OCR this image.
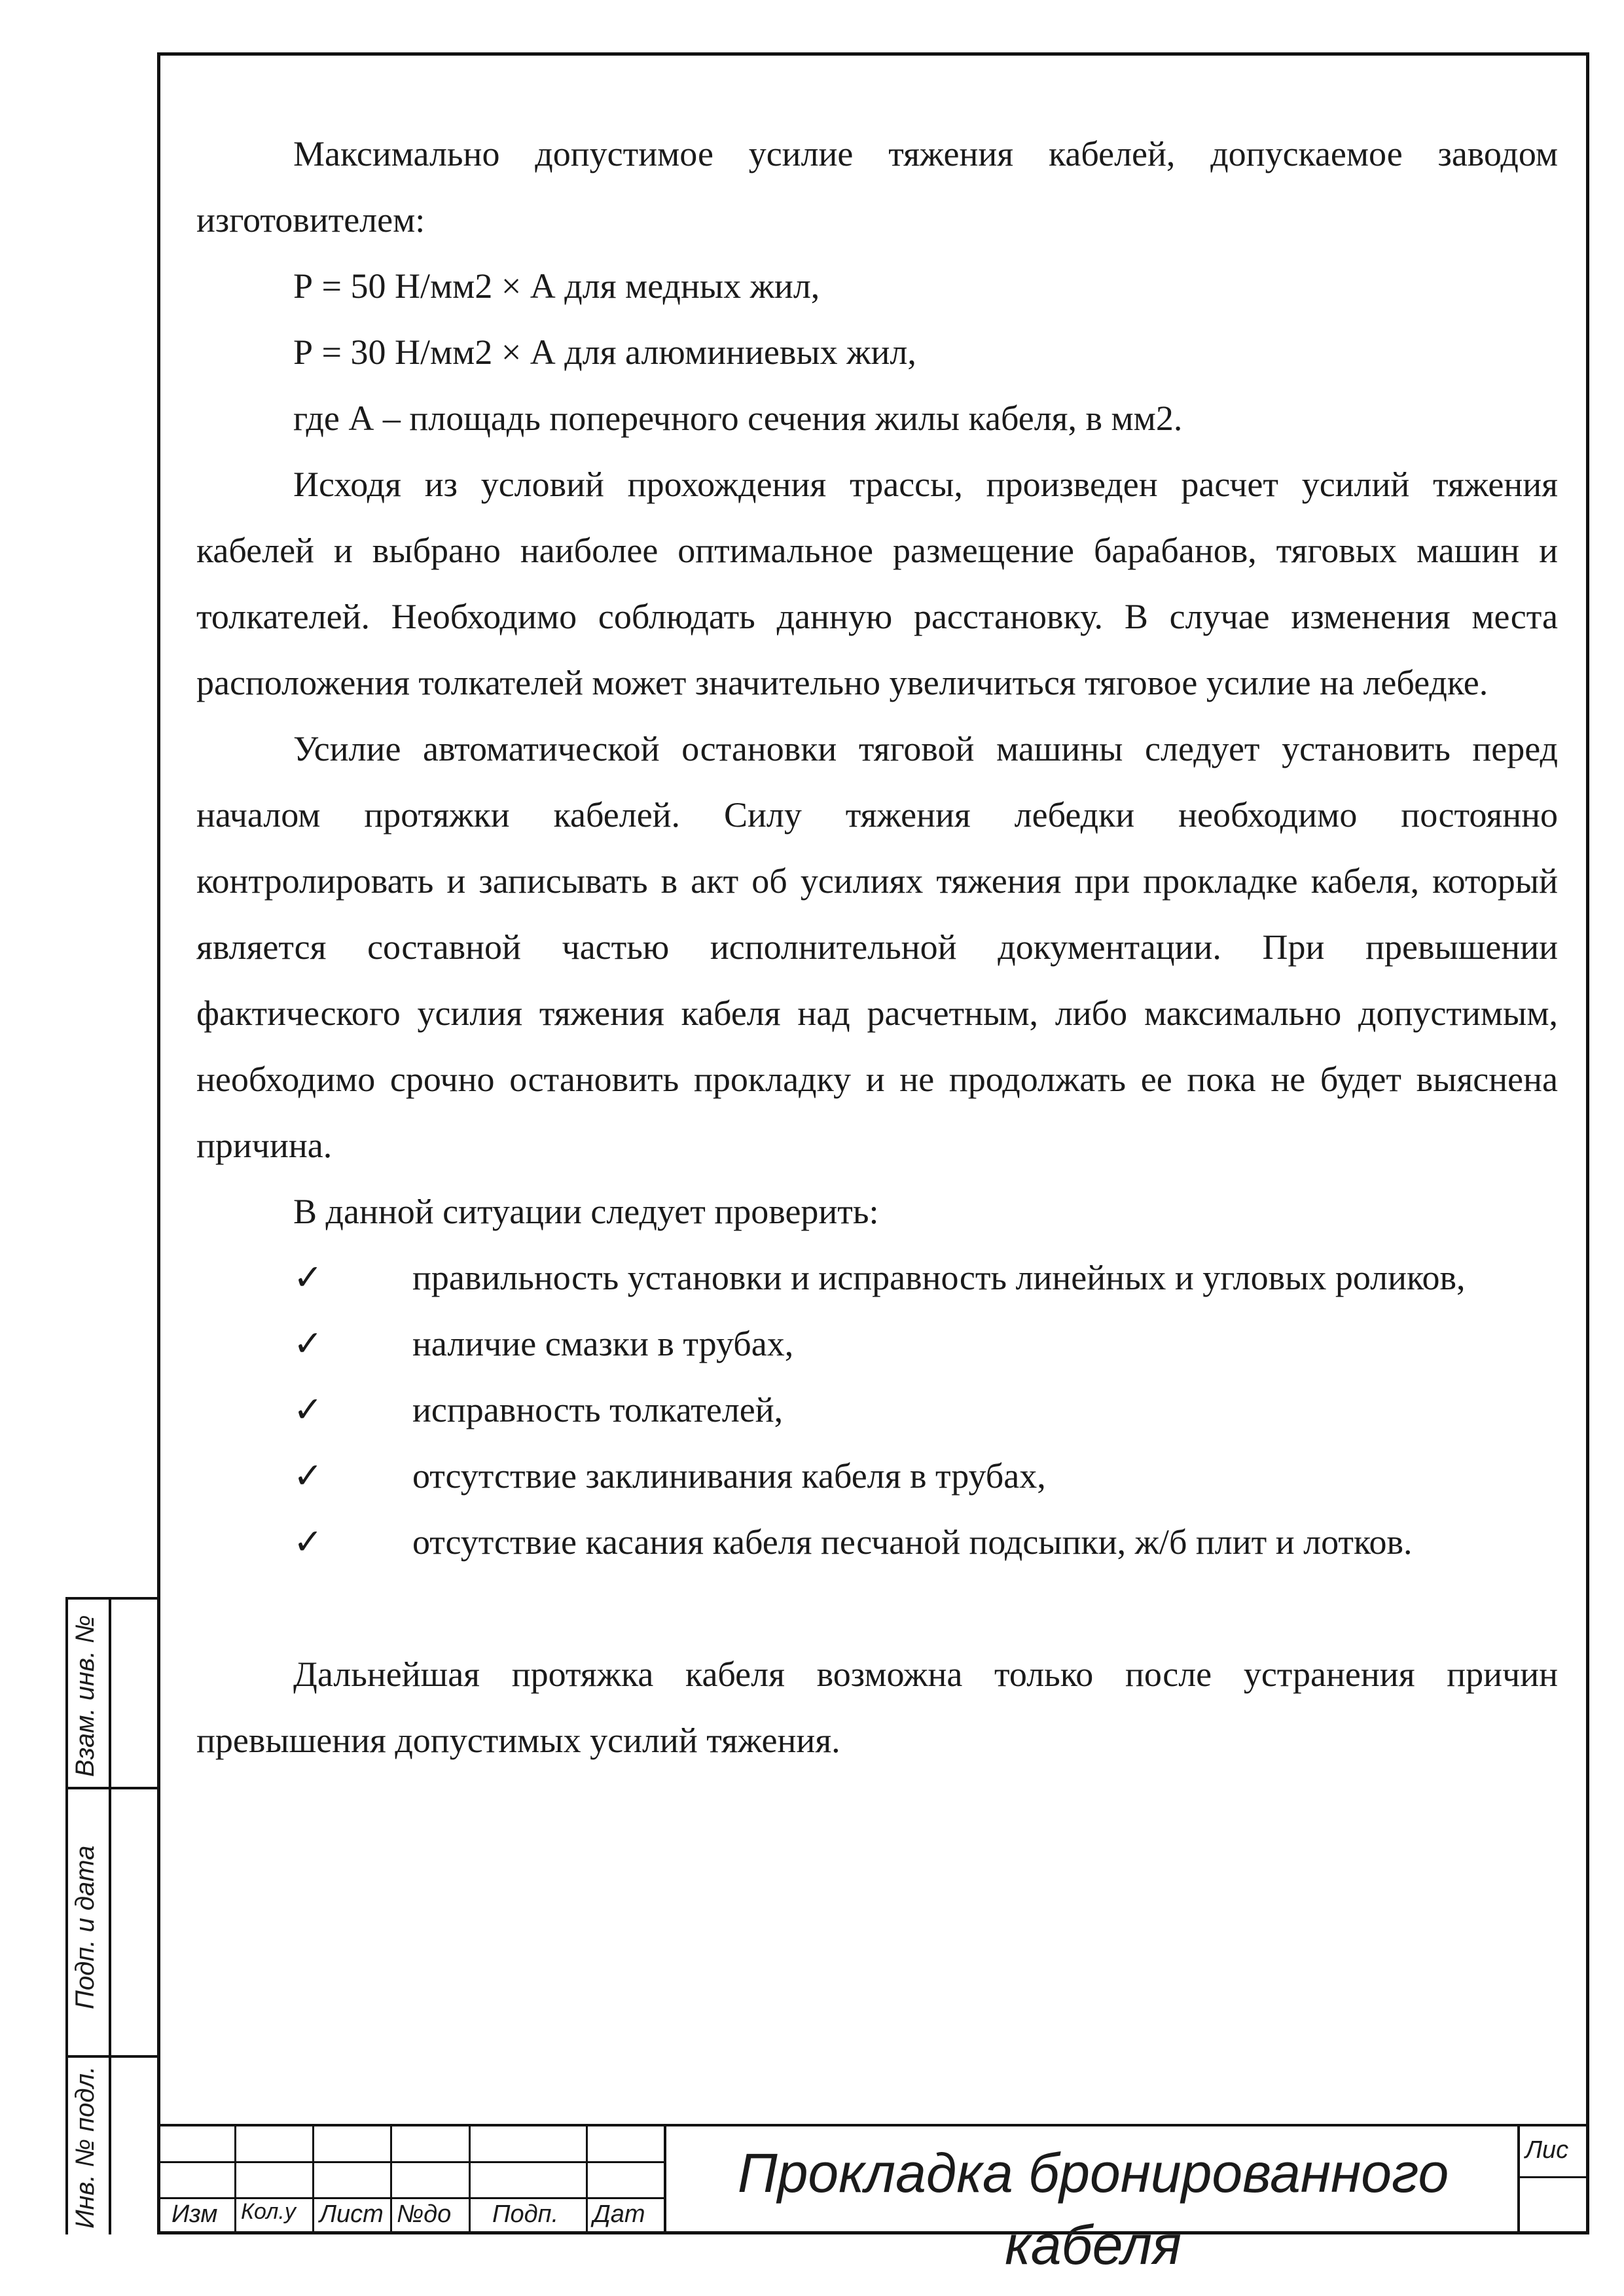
Максимально допустимое усилие тяжения кабелей, допускаемое заводом изготовителем:

Р = 50 Н/мм2 × А для медных жил,

Р = 30 Н/мм2 × А для алюминиевых жил,

где А – площадь поперечного сечения жилы кабеля, в мм2.

Исходя из условий прохождения трассы, произведен расчет усилий тяжения кабелей и выбрано наиболее оптимальное размещение барабанов, тяговых машин и толкателей. Необходимо соблюдать данную расстановку. В случае изменения места расположения толкателей может значительно увеличиться тяговое усилие на лебедке.

Усилие автоматической остановки тяговой машины следует установить перед началом протяжки кабелей. Силу тяжения лебедки необходимо постоянно контролировать и записывать в акт об усилиях тяжения при прокладке кабеля, который является составной частью исполнительной документации. При превышении фактического усилия тяжения кабеля над расчетным, либо максимально допустимым, необходимо срочно остановить прокладку и не продолжать ее пока не будет выяснена причина.

В данной ситуации следует проверить:

✓	правильность установки и исправность линейных и угловых роликов,

✓	наличие смазки в трубах,

✓	исправность толкателей,

✓	отсутствие заклинивания кабеля в трубах,

✓	отсутствие касания кабеля песчаной подсыпки, ж/б плит и лотков.

Дальнейшая протяжка кабеля возможна только после устранения причин превышения допустимых усилий тяжения.

Взам. инв. №
Подп. и дата
Инв. № подл.	Изм Кол.у Лист №до Подп. Дат
Лис
Прокладка бронированного кабеля
